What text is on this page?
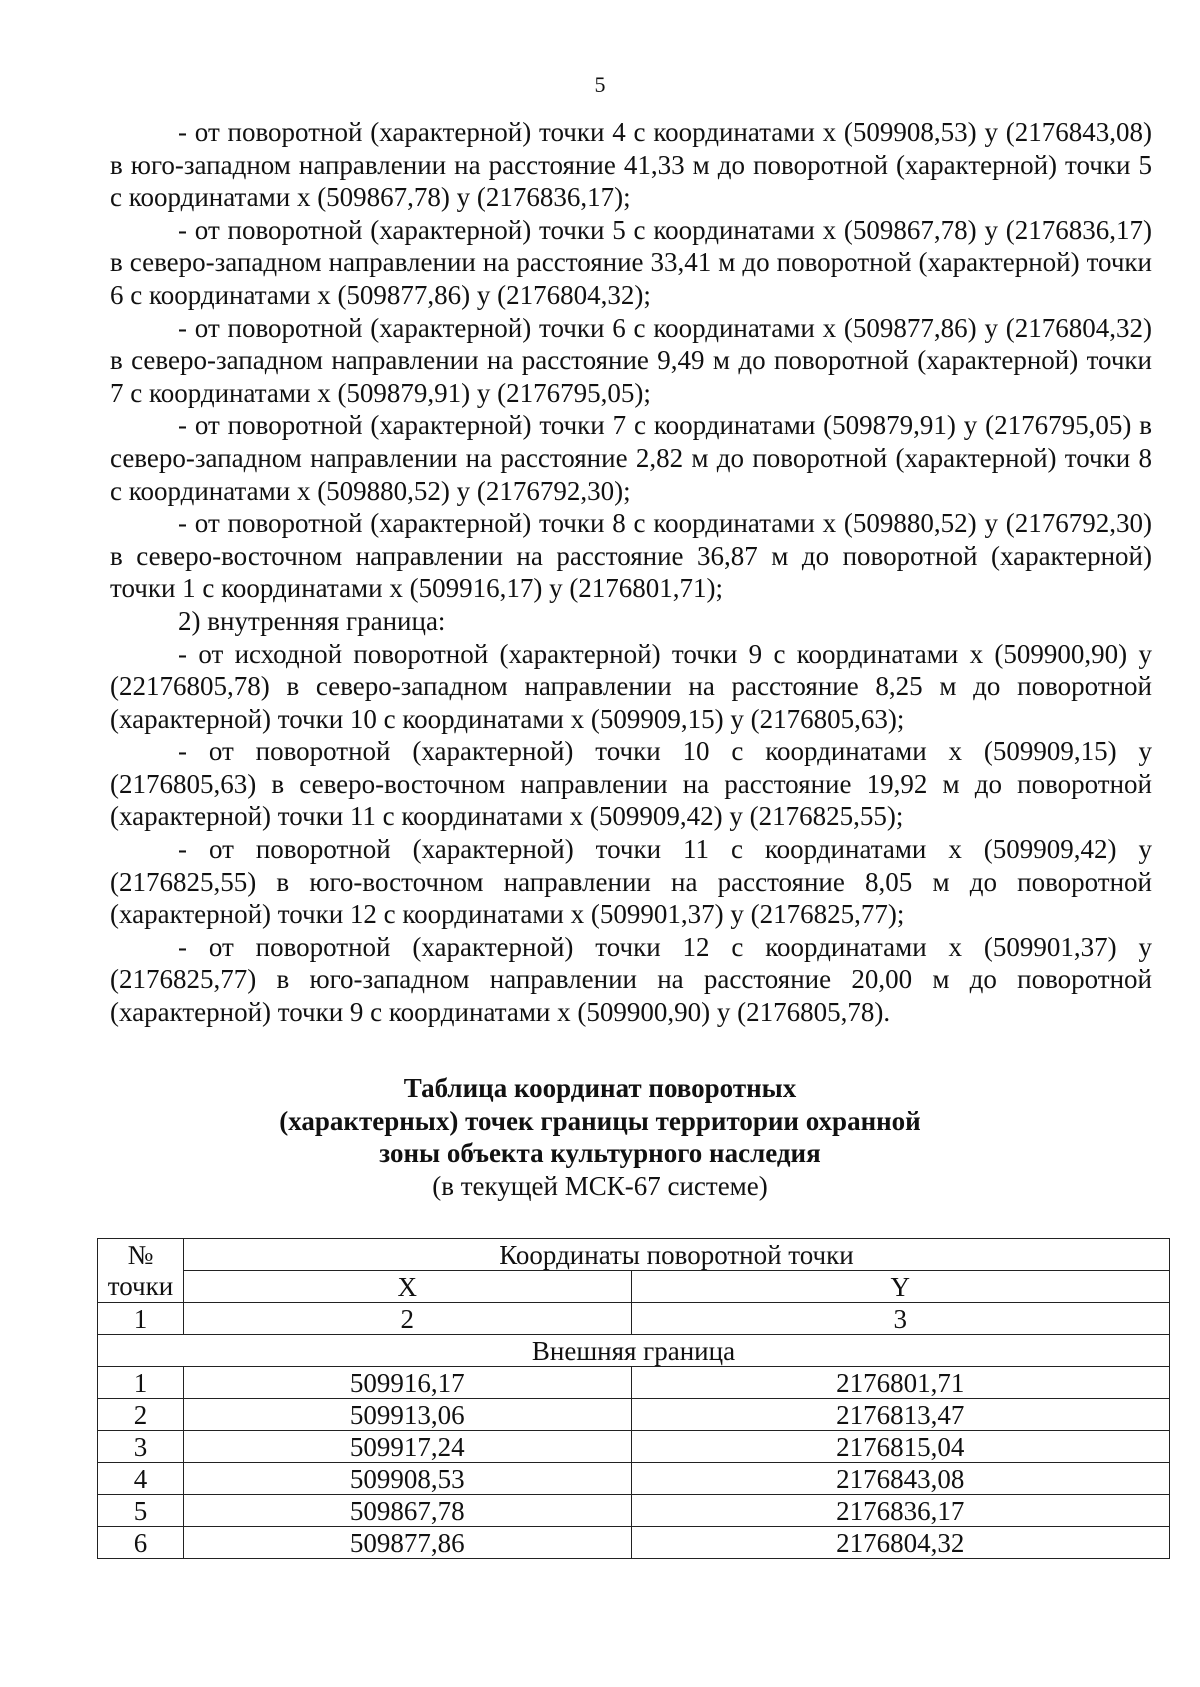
5

- от поворотной (характерной) точки 4 с координатами х (509908,53) у (2176843,08) в юго-западном направлении на расстояние 41,33 м до поворотной (характерной) точки 5 с координатами х (509867,78) у (2176836,17);

- от поворотной (характерной) точки 5 с координатами х (509867,78) у (2176836,17) в северо-западном направлении на расстояние 33,41 м до поворотной (характерной) точки 6 с координатами х (509877,86) у (2176804,32);

- от поворотной (характерной) точки 6 с координатами х (509877,86) у (2176804,32) в северо-западном направлении на расстояние 9,49 м до поворотной (характерной) точки 7 с координатами х (509879,91) у (2176795,05);

- от поворотной (характерной) точки 7 с координатами (509879,91) у (2176795,05) в северо-западном направлении на расстояние 2,82 м до поворотной (характерной) точки 8 с координатами х (509880,52) у (2176792,30);

- от поворотной (характерной) точки 8 с координатами х (509880,52) у (2176792,30) в северо-восточном направлении на расстояние 36,87 м до поворотной (характерной) точки 1 с координатами х (509916,17) у (2176801,71);

2) внутренняя граница:

- от исходной поворотной (характерной) точки 9 с координатами х (509900,90) у (22176805,78) в северо-западном направлении на расстояние 8,25 м до поворотной (характерной) точки 10 с координатами х (509909,15) у (2176805,63);

- от поворотной (характерной) точки 10 с координатами х (509909,15) у (2176805,63) в северо-восточном направлении на расстояние 19,92 м до поворотной (характерной) точки 11 с координатами х (509909,42) у (2176825,55);

- от поворотной (характерной) точки 11 с координатами х (509909,42) у (2176825,55) в юго-восточном направлении на расстояние 8,05 м до поворотной (характерной) точки 12 с координатами х (509901,37) у (2176825,77);

- от поворотной (характерной) точки 12 с координатами х (509901,37) у (2176825,77) в юго-западном направлении на расстояние 20,00 м до поворотной (характерной) точки 9 с координатами х (509900,90) у (2176805,78).

Таблица координат поворотных
(характерных) точек границы территории охранной
зоны объекта культурного наследия
(в текущей МСК-67 системе)
№	Координаты поворотной точки	
точки	X	Y
1	2	3
Внешняя граница		
1	509916,17	2176801,71
2	509913,06	2176813,47
3	509917,24	2176815,04
4	509908,53	2176843,08
5	509867,78	2176836,17
6	509877,86	2176804,32
